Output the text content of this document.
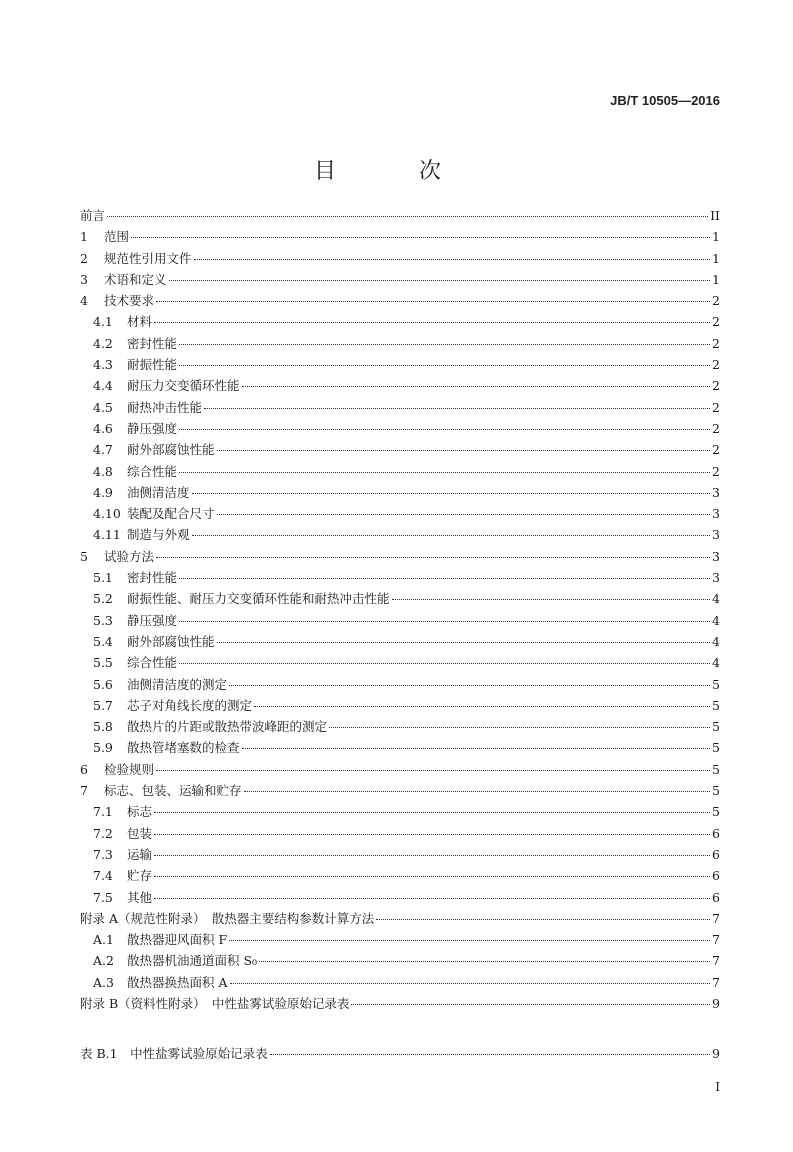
JB/T 10505—2016
目 次
前言	II
1	范围	1
2	规范性引用文件	1
3	术语和定义	1
4	技术要求	2
4.1	材料	2
4.2	密封性能	2
4.3	耐振性能	2
4.4	耐压力交变循环性能	2
4.5	耐热冲击性能	2
4.6	静压强度	2
4.7	耐外部腐蚀性能	2
4.8	综合性能	2
4.9	油侧清洁度	3
4.10 装配及配合尺寸	3
4.11 制造与外观	3
5	试验方法	3
5.1	密封性能	3
5.2	耐振性能、耐压力交变循环性能和耐热冲击性能	4
5.3	静压强度	4
5.4	耐外部腐蚀性能	4
5.5	综合性能	4
5.6	油侧清洁度的测定	5
5.7	芯子对角线长度的测定	5
5.8	散热片的片距或散热带波峰距的测定	5
5.9	散热管堵塞数的检查	5
6	检验规则	5
7	标志、包装、运输和贮存	5
7.1	标志	5
7.2	包装	6
7.3	运输	6
7.4	贮存	6
7.5	其他	6
附录 A（规范性附录）　散热器主要结构参数计算方法	7
A.1	散热器迎风面积 F	7
A.2	散热器机油通道面积 S₀	7
A.3	散热器换热面积 A	7
附录 B（资料性附录）　中性盐雾试验原始记录表	9
表 B.1　中性盐雾试验原始记录表	9
I
